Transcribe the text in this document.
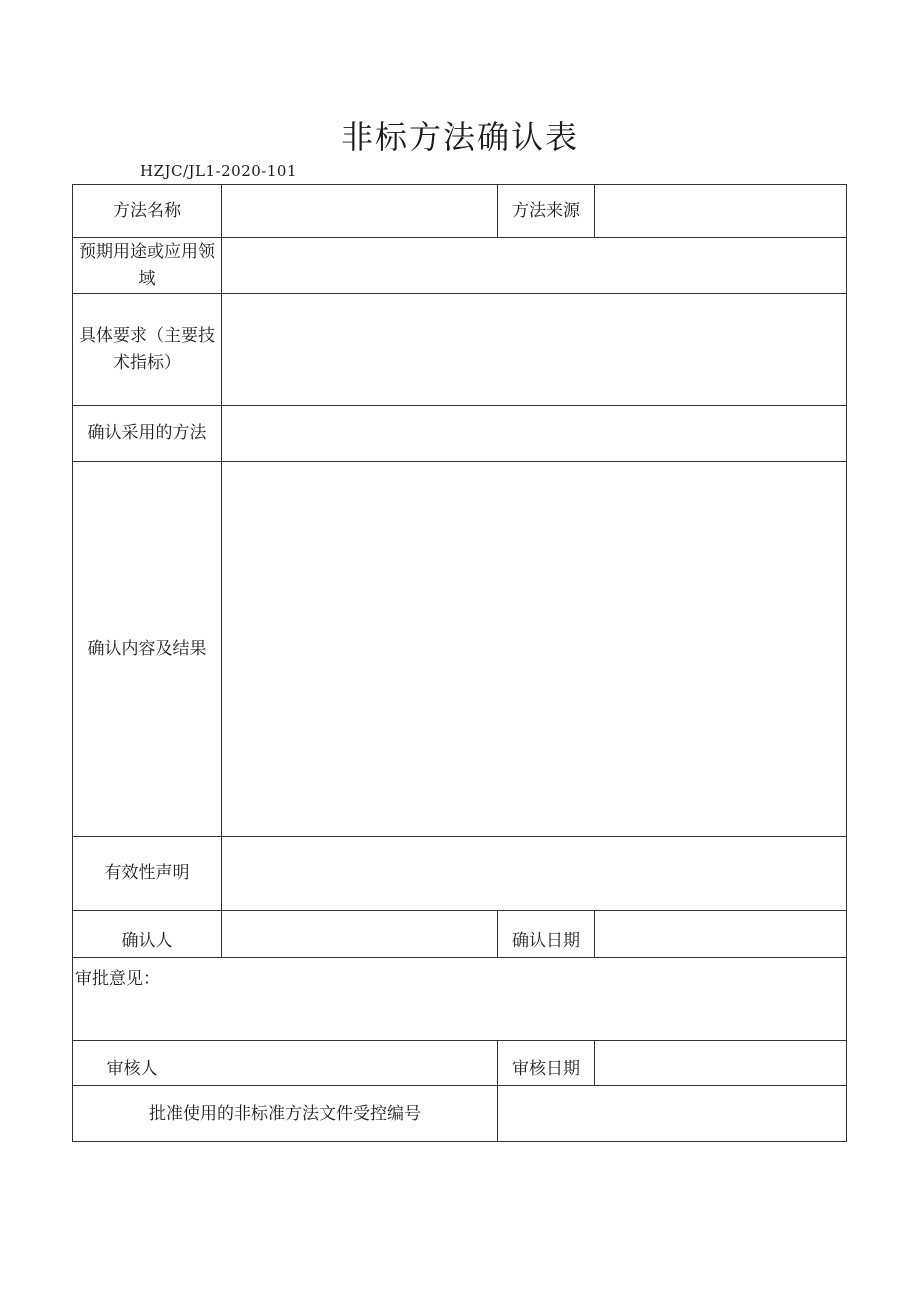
非标方法确认表
HZJC/JL1-2020-101
方法名称	方法来源
预期用途或应用领域
具体要求（主要技术指标）
确认采用的方法
确认内容及结果
有效性声明
确认人	确认日期
审批意见：
审核人	审核日期
批准使用的非标准方法文件受控编号
